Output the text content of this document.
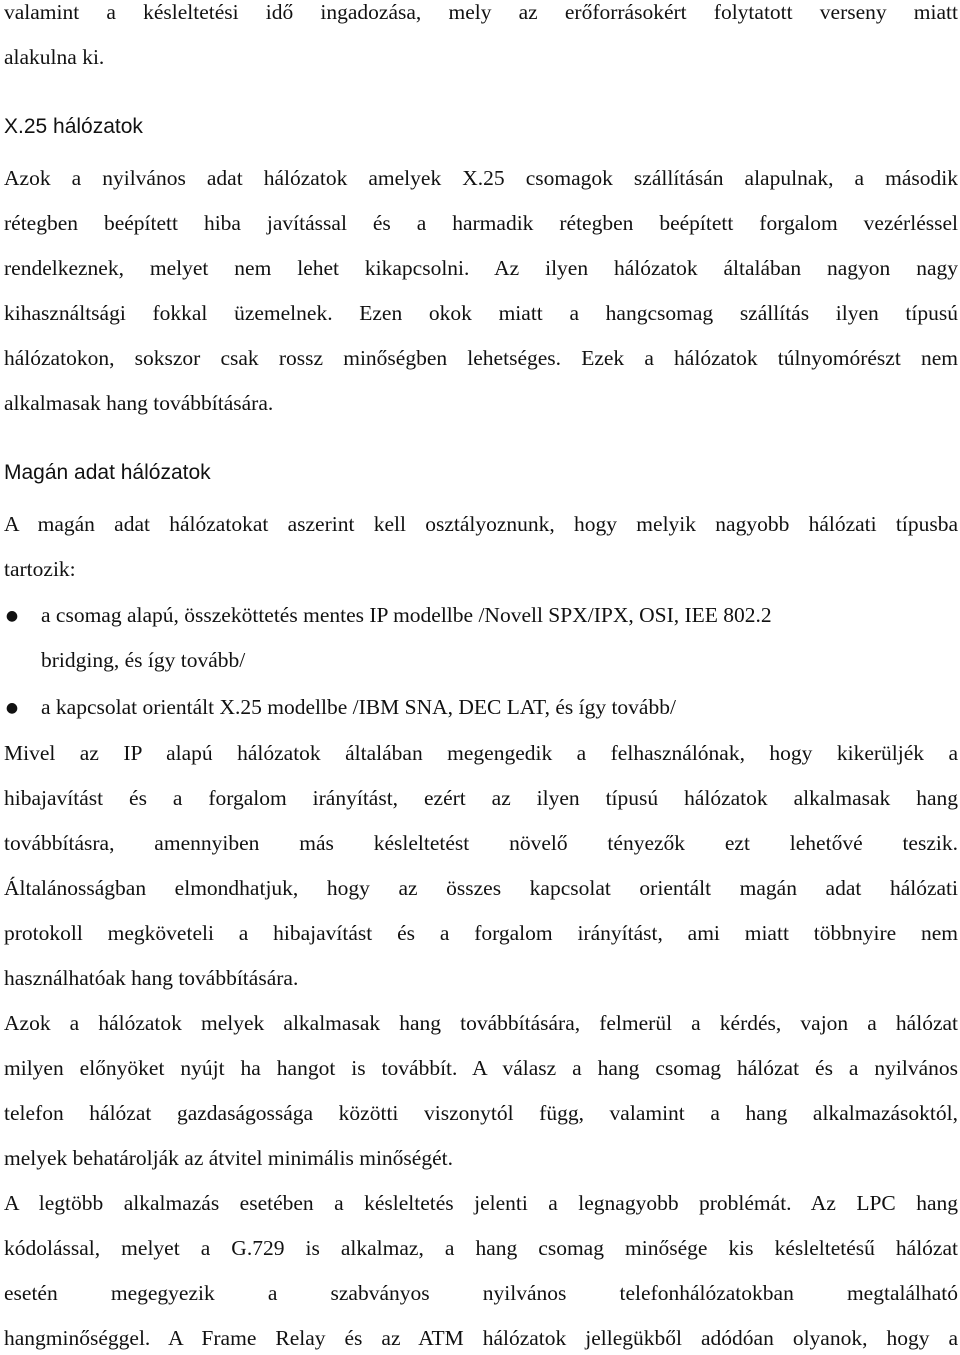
valamint a késleltetési idő ingadozása, mely az erőforrásokért folytatott verseny miatt
alakulna ki.
X.25 hálózatok
Azok a nyilvános adat hálózatok amelyek X.25 csomagok szállításán alapulnak, a második
rétegben beépített hiba javítással és a harmadik rétegben beépített forgalom vezérléssel
rendelkeznek, melyet nem lehet kikapcsolni. Az ilyen hálózatok általában nagyon nagy
kihasználtsági fokkal üzemelnek. Ezen okok miatt a hangcsomag szállítás ilyen típusú
hálózatokon, sokszor csak rossz minőségben lehetséges. Ezek a hálózatok túlnyomórészt nem
alkalmasak hang továbbítására.
Magán adat hálózatok
A magán adat hálózatokat aszerint kell osztályoznunk, hogy melyik nagyobb hálózati típusba
tartozik:
● a csomag alapú, összeköttetés mentes IP modellbe /Novell SPX/IPX, OSI, IEE 802.2
bridging, és így tovább/
● a kapcsolat orientált X.25 modellbe /IBM SNA, DEC LAT, és így tovább/
Mivel az IP alapú hálózatok általában megengedik a felhasználónak, hogy kikerüljék a
hibajavítást és a forgalom irányítást, ezért az ilyen típusú hálózatok alkalmasak hang
továbbításra, amennyiben más késleltetést növelő tényezők ezt lehetővé teszik.
Általánosságban elmondhatjuk, hogy az összes kapcsolat orientált magán adat hálózati
protokoll megköveteli a hibajavítást és a forgalom irányítást, ami miatt többnyire nem
használhatóak hang továbbítására.
Azok a hálózatok melyek alkalmasak hang továbbítására, felmerül a kérdés, vajon a hálózat
milyen előnyöket nyújt ha hangot is továbbít. A válasz a hang csomag hálózat és a nyilvános
telefon hálózat gazdaságossága közötti viszonytól függ, valamint a hang alkalmazásoktól,
melyek behatárolják az átvitel minimális minőségét.
A legtöbb alkalmazás esetében a késleltetés jelenti a legnagyobb problémát. Az LPC hang
kódolással, melyet a G.729 is alkalmaz, a hang csomag minősége kis késleltetésű hálózat
esetén megegyezik a szabványos nyilvános telefonhálózatokban megtalálható
hangminőséggel. A Frame Relay és az ATM hálózatok jellegükből adódóan olyanok, hogy a
